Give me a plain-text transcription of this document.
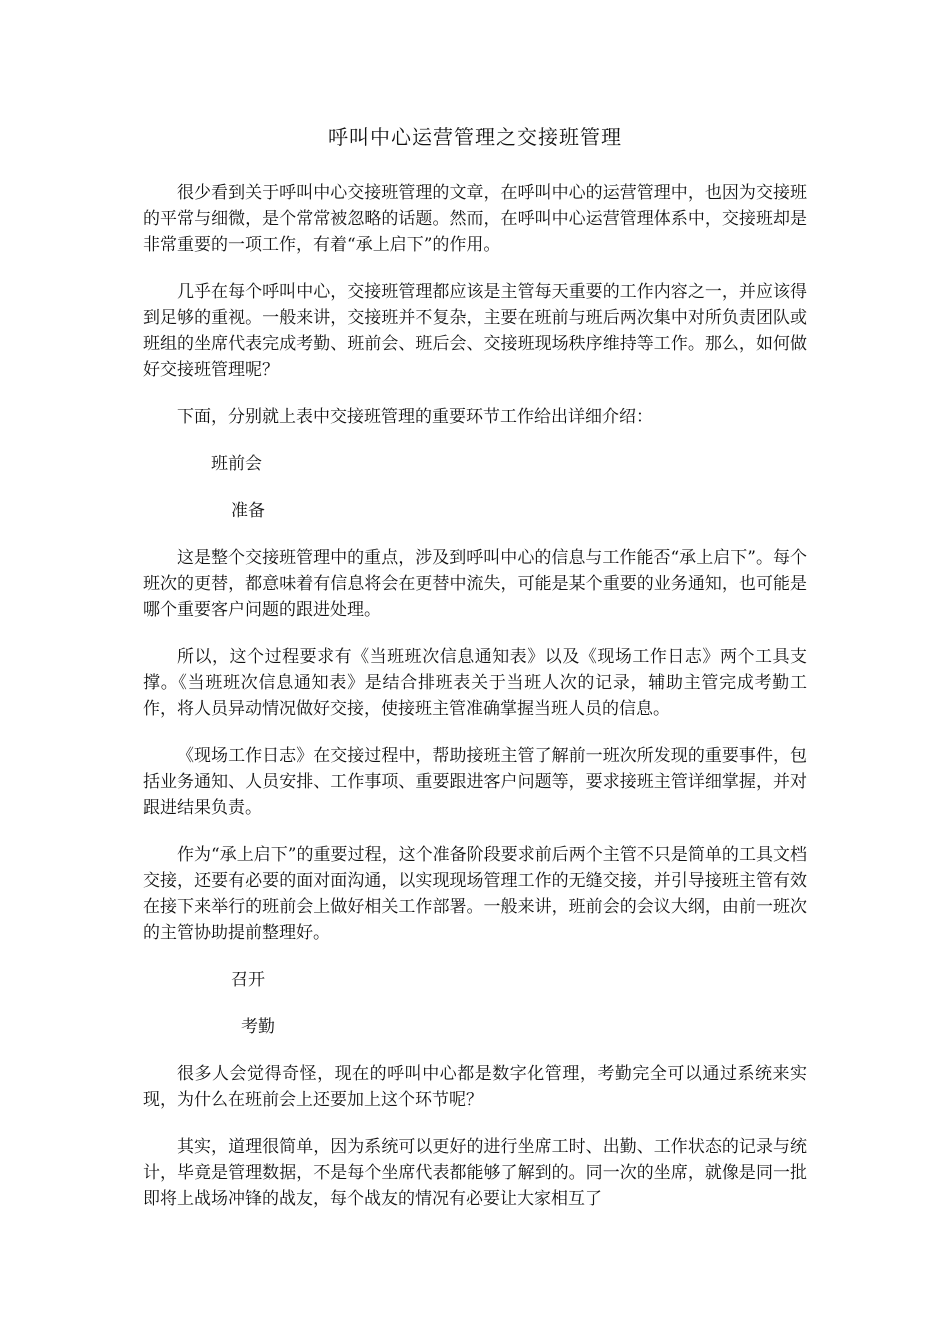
呼叫中心运营管理之交接班管理

很少看到关于呼叫中心交接班管理的文章，在呼叫中心的运营管理中，也因为交接班的平常与细微，是个常常被忽略的话题。然而，在呼叫中心运营管理体系中，交接班却是非常重要的一项工作，有着“承上启下”的作用。

几乎在每个呼叫中心，交接班管理都应该是主管每天重要的工作内容之一，并应该得到足够的重视。一般来讲，交接班并不复杂，主要在班前与班后两次集中对所负责团队或班组的坐席代表完成考勤、班前会、班后会、交接班现场秩序维持等工作。那么，如何做好交接班管理呢？

下面，分别就上表中交接班管理的重要环节工作给出详细介绍：

班前会
准备

这是整个交接班管理中的重点，涉及到呼叫中心的信息与工作能否“承上启下”。每个班次的更替，都意味着有信息将会在更替中流失，可能是某个重要的业务通知，也可能是哪个重要客户问题的跟进处理。

所以，这个过程要求有《当班班次信息通知表》以及《现场工作日志》两个工具支撑。《当班班次信息通知表》是结合排班表关于当班人次的记录，辅助主管完成考勤工作，将人员异动情况做好交接，使接班主管准确掌握当班人员的信息。

《现场工作日志》在交接过程中，帮助接班主管了解前一班次所发现的重要事件，包括业务通知、人员安排、工作事项、重要跟进客户问题等，要求接班主管详细掌握，并对跟进结果负责。

作为“承上启下”的重要过程，这个准备阶段要求前后两个主管不只是简单的工具文档交接，还要有必要的面对面沟通，以实现现场管理工作的无缝交接，并引导接班主管有效在接下来举行的班前会上做好相关工作部署。一般来讲，班前会的会议大纲，由前一班次的主管协助提前整理好。

召开
考勤

很多人会觉得奇怪，现在的呼叫中心都是数字化管理，考勤完全可以通过系统来实现，为什么在班前会上还要加上这个环节呢？

其实，道理很简单，因为系统可以更好的进行坐席工时、出勤、工作状态的记录与统计，毕竟是管理数据，不是每个坐席代表都能够了解到的。同一次的坐席，就像是同一批即将上战场冲锋的战友，每个战友的情况有必要让大家相互了
